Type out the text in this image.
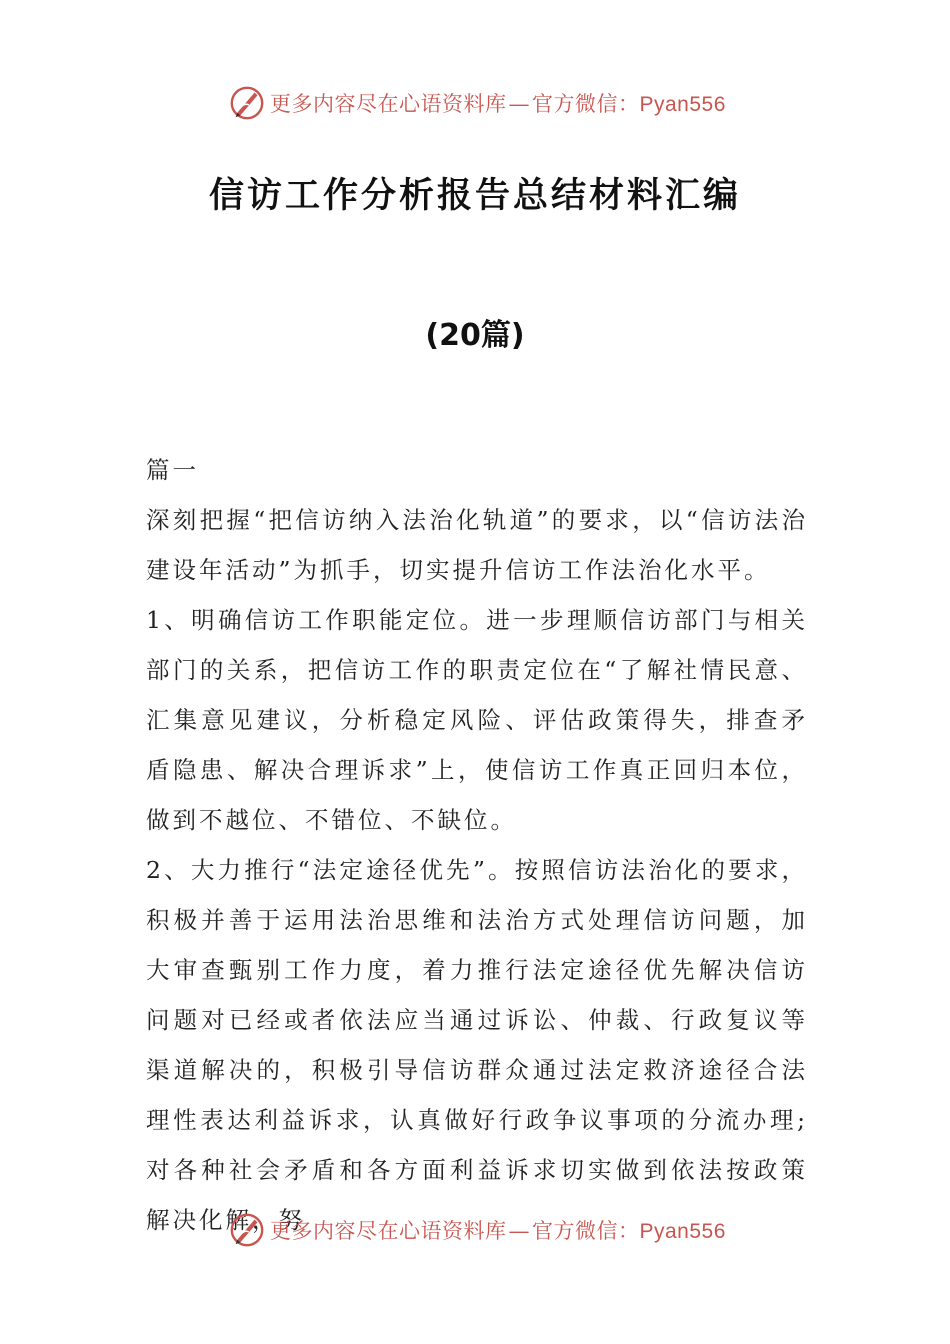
更多内容尽在心语资料库—官方微信：Pyan556
信访工作分析报告总结材料汇编
(20篇)

篇一

深刻把握“把信访纳入法治化轨道”的要求，以“信访法治建设年活动”为抓手，切实提升信访工作法治化水平。

1、明确信访工作职能定位。进一步理顺信访部门与相关部门的关系，把信访工作的职责定位在“了解社情民意、汇集意见建议，分析稳定风险、评估政策得失，排查矛盾隐患、解决合理诉求”上，使信访工作真正回归本位，做到不越位、不错位、不缺位。

2、大力推行“法定途径优先”。按照信访法治化的要求，积极并善于运用法治思维和法治方式处理信访问题，加大审查甄别工作力度，着力推行法定途径优先解决信访问题对已经或者依法应当通过诉讼、仲裁、行政复议等渠道解决的，积极引导信访群众通过法定救济途径合法理性表达利益诉求，认真做好行政争议事项的分流办理;对各种社会矛盾和各方面利益诉求切实做到依法按政策解决化解，努

更多内容尽在心语资料库—官方微信：Pyan556
